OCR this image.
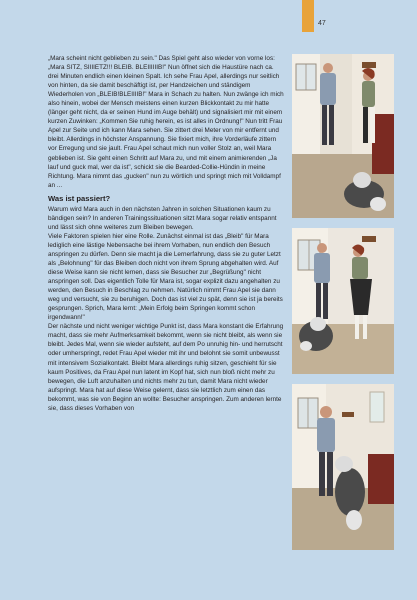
47

„Mara scheint nicht geblieben zu sein." Das Spiel geht also wieder von vorne los: „Mara SITZ, SIIIIETZ!!! BLEIB. BLEIIIIIIB!" Nun öffnet sich die Haustüre nach ca. drei Minuten endlich einen kleinen Spalt. Ich sehe Frau Apel, allerdings nur seitlich von hinten, da sie damit beschäftigt ist, per Handzeichen und ständigem Wiederholen von „BLEIB!BLEIIIIB!" Mara in Schach zu halten. Nun zwänge ich mich also hinein, wobei der Mensch meistens einen kurzen Blickkontakt zu mir hatte (länger geht nicht, da er seinen Hund im Auge behält) und signalisiert mir mit einem kurzen Zuwinken: „Kommen Sie ruhig herein, es ist alles in Ordnung!" Nun tritt Frau Apel zur Seite und ich kann Mara sehen. Sie zittert drei Meter von mir entfernt und bleibt. Allerdings in höchster Anspannung. Sie fixiert mich, ihre Vorderläufe zittern vor Erregung und sie jault. Frau Apel schaut mich nun voller Stolz an, weil Mara geblieben ist. Sie geht einen Schritt auf Mara zu, und mit einem animierenden „Ja lauf und guck mal, wer da ist", schickt sie die Bearded-Collie-Hündin in meine Richtung. Mara nimmt das „gucken" nun zu wörtlich und springt mich mit Volldampf an ...

Was ist passiert?

Warum wird Mara auch in den nächsten Jahren in solchen Situationen kaum zu bändigen sein? In anderen Trainingssituationen sitzt Mara sogar relativ entspannt und lässt sich ohne weiteres zum Bleiben bewegen.

Viele Faktoren spielen hier eine Rolle. Zunächst einmal ist das „Bleib" für Mara lediglich eine lästige Nebensache bei ihrem Vorhaben, nun endlich den Besuch anspringen zu dürfen. Denn sie macht ja die Lernerfahrung, dass sie zu guter Letzt als „Belohnung" für das Bleiben doch nicht von ihrem Sprung abgehalten wird. Auf diese Weise kann sie nicht lernen, dass sie Besucher zur „Begrüßung" nicht anspringen soll. Das eigentlich Tolle für Mara ist, sogar explizit dazu angehalten zu werden, den Besuch in Beschlag zu nehmen. Natürlich nimmt Frau Apel sie dann weg und versucht, sie zu beruhigen. Doch das ist viel zu spät, denn sie ist ja bereits gesprungen. Sprich, Mara lernt: „Mein Erfolg beim Springen kommt schon irgendwann!"

Der nächste und nicht weniger wichtige Punkt ist, dass Mara konstant die Erfahrung macht, dass sie mehr Aufmerksamkeit bekommt, wenn sie nicht bleibt, als wenn sie bleibt. Jedes Mal, wenn sie wieder aufsteht, auf dem Po unruhig hin- und herrutscht oder umherspringt, redet Frau Apel wieder mit ihr und belohnt sie somit unbewusst mit intensivem Sozialkontakt. Bleibt Mara allerdings ruhig sitzen, geschieht für sie kaum Positives, da Frau Apel nun latent im Kopf hat, sich nun bloß nicht mehr zu bewegen, die Luft anzuhalten und nichts mehr zu tun, damit Mara nicht wieder aufspringt. Mara hat auf diese Weise gelernt, dass sie letztlich zum einen das bekommt, was sie von Beginn an wollte: Besucher anspringen. Zum anderen lernte sie, dass dieses Vorhaben von
